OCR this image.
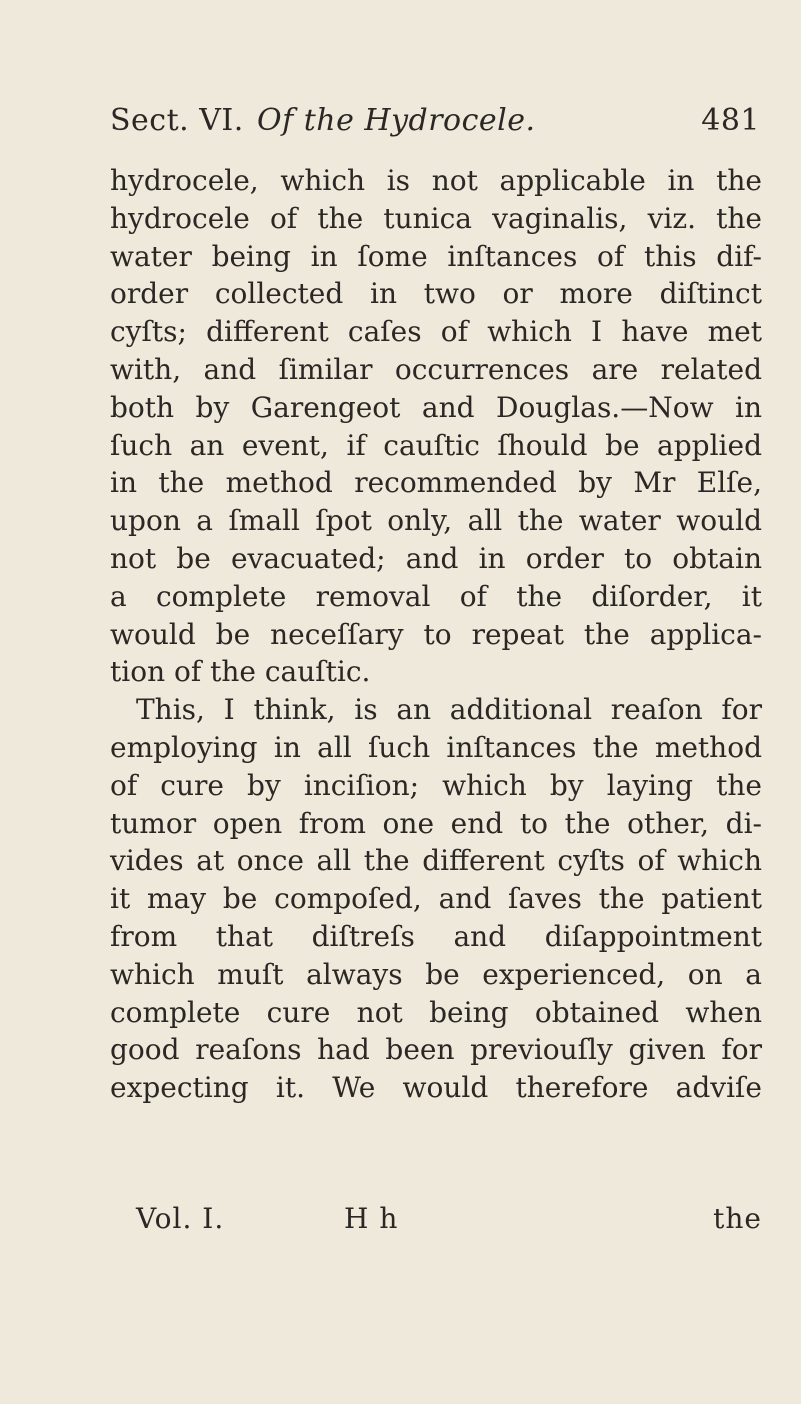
Sect. VI. Of the Hydrocele.	481
hydrocele, which is not applicable in the
hydrocele of the tunica vaginalis, viz. the
water being in ſome inſtances of this dif-
order collected in two or more diſtinct
cyſts; different caſes of which I have met
with, and ſimilar occurrences are related
both by Garengeot and Douglas.—Now in
ſuch an event, if cauſtic ſhould be applied
in the method recommended by Mr Elſe,
upon a ſmall ſpot only, all the water would
not be evacuated; and in order to obtain
a complete removal of the diſorder, it
would be neceſſary to repeat the applica-
tion of the cauſtic.
This, I think, is an additional reaſon for
employing in all ſuch inſtances the method
of cure by inciſion; which by laying the
tumor open from one end to the other, di-
vides at once all the different cyſts of which
it may be compoſed, and ſaves the patient
from that diſtreſs and diſappointment
which muſt always be experienced, on a
complete cure not being obtained when
good reaſons had been previouſly given for
expecting it. We would therefore adviſe
Vol. I.	H h	the
